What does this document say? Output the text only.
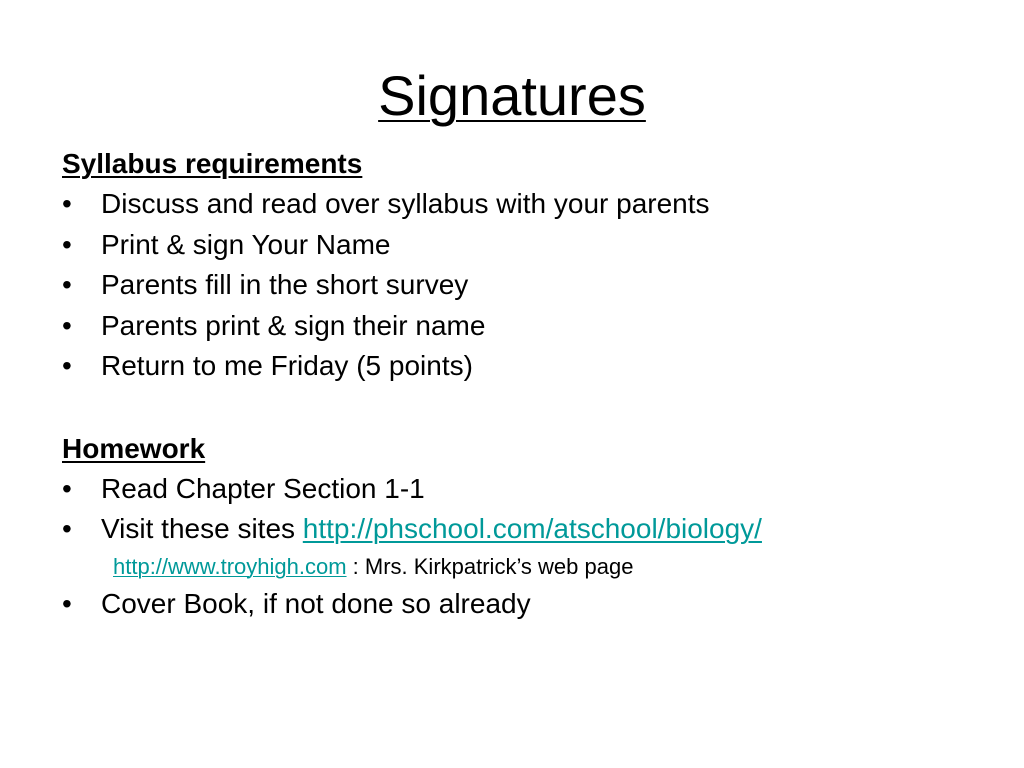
Signatures
Syllabus requirements
• Discuss and read over syllabus with your parents
• Print & sign Your Name
• Parents fill in the short survey
• Parents print & sign their name
• Return to me Friday (5 points)
Homework
• Read Chapter Section 1-1
• Visit these sites http://phschool.com/atschool/biology/
http://www.troyhigh.com : Mrs. Kirkpatrick’s web page
• Cover Book, if not done so already
